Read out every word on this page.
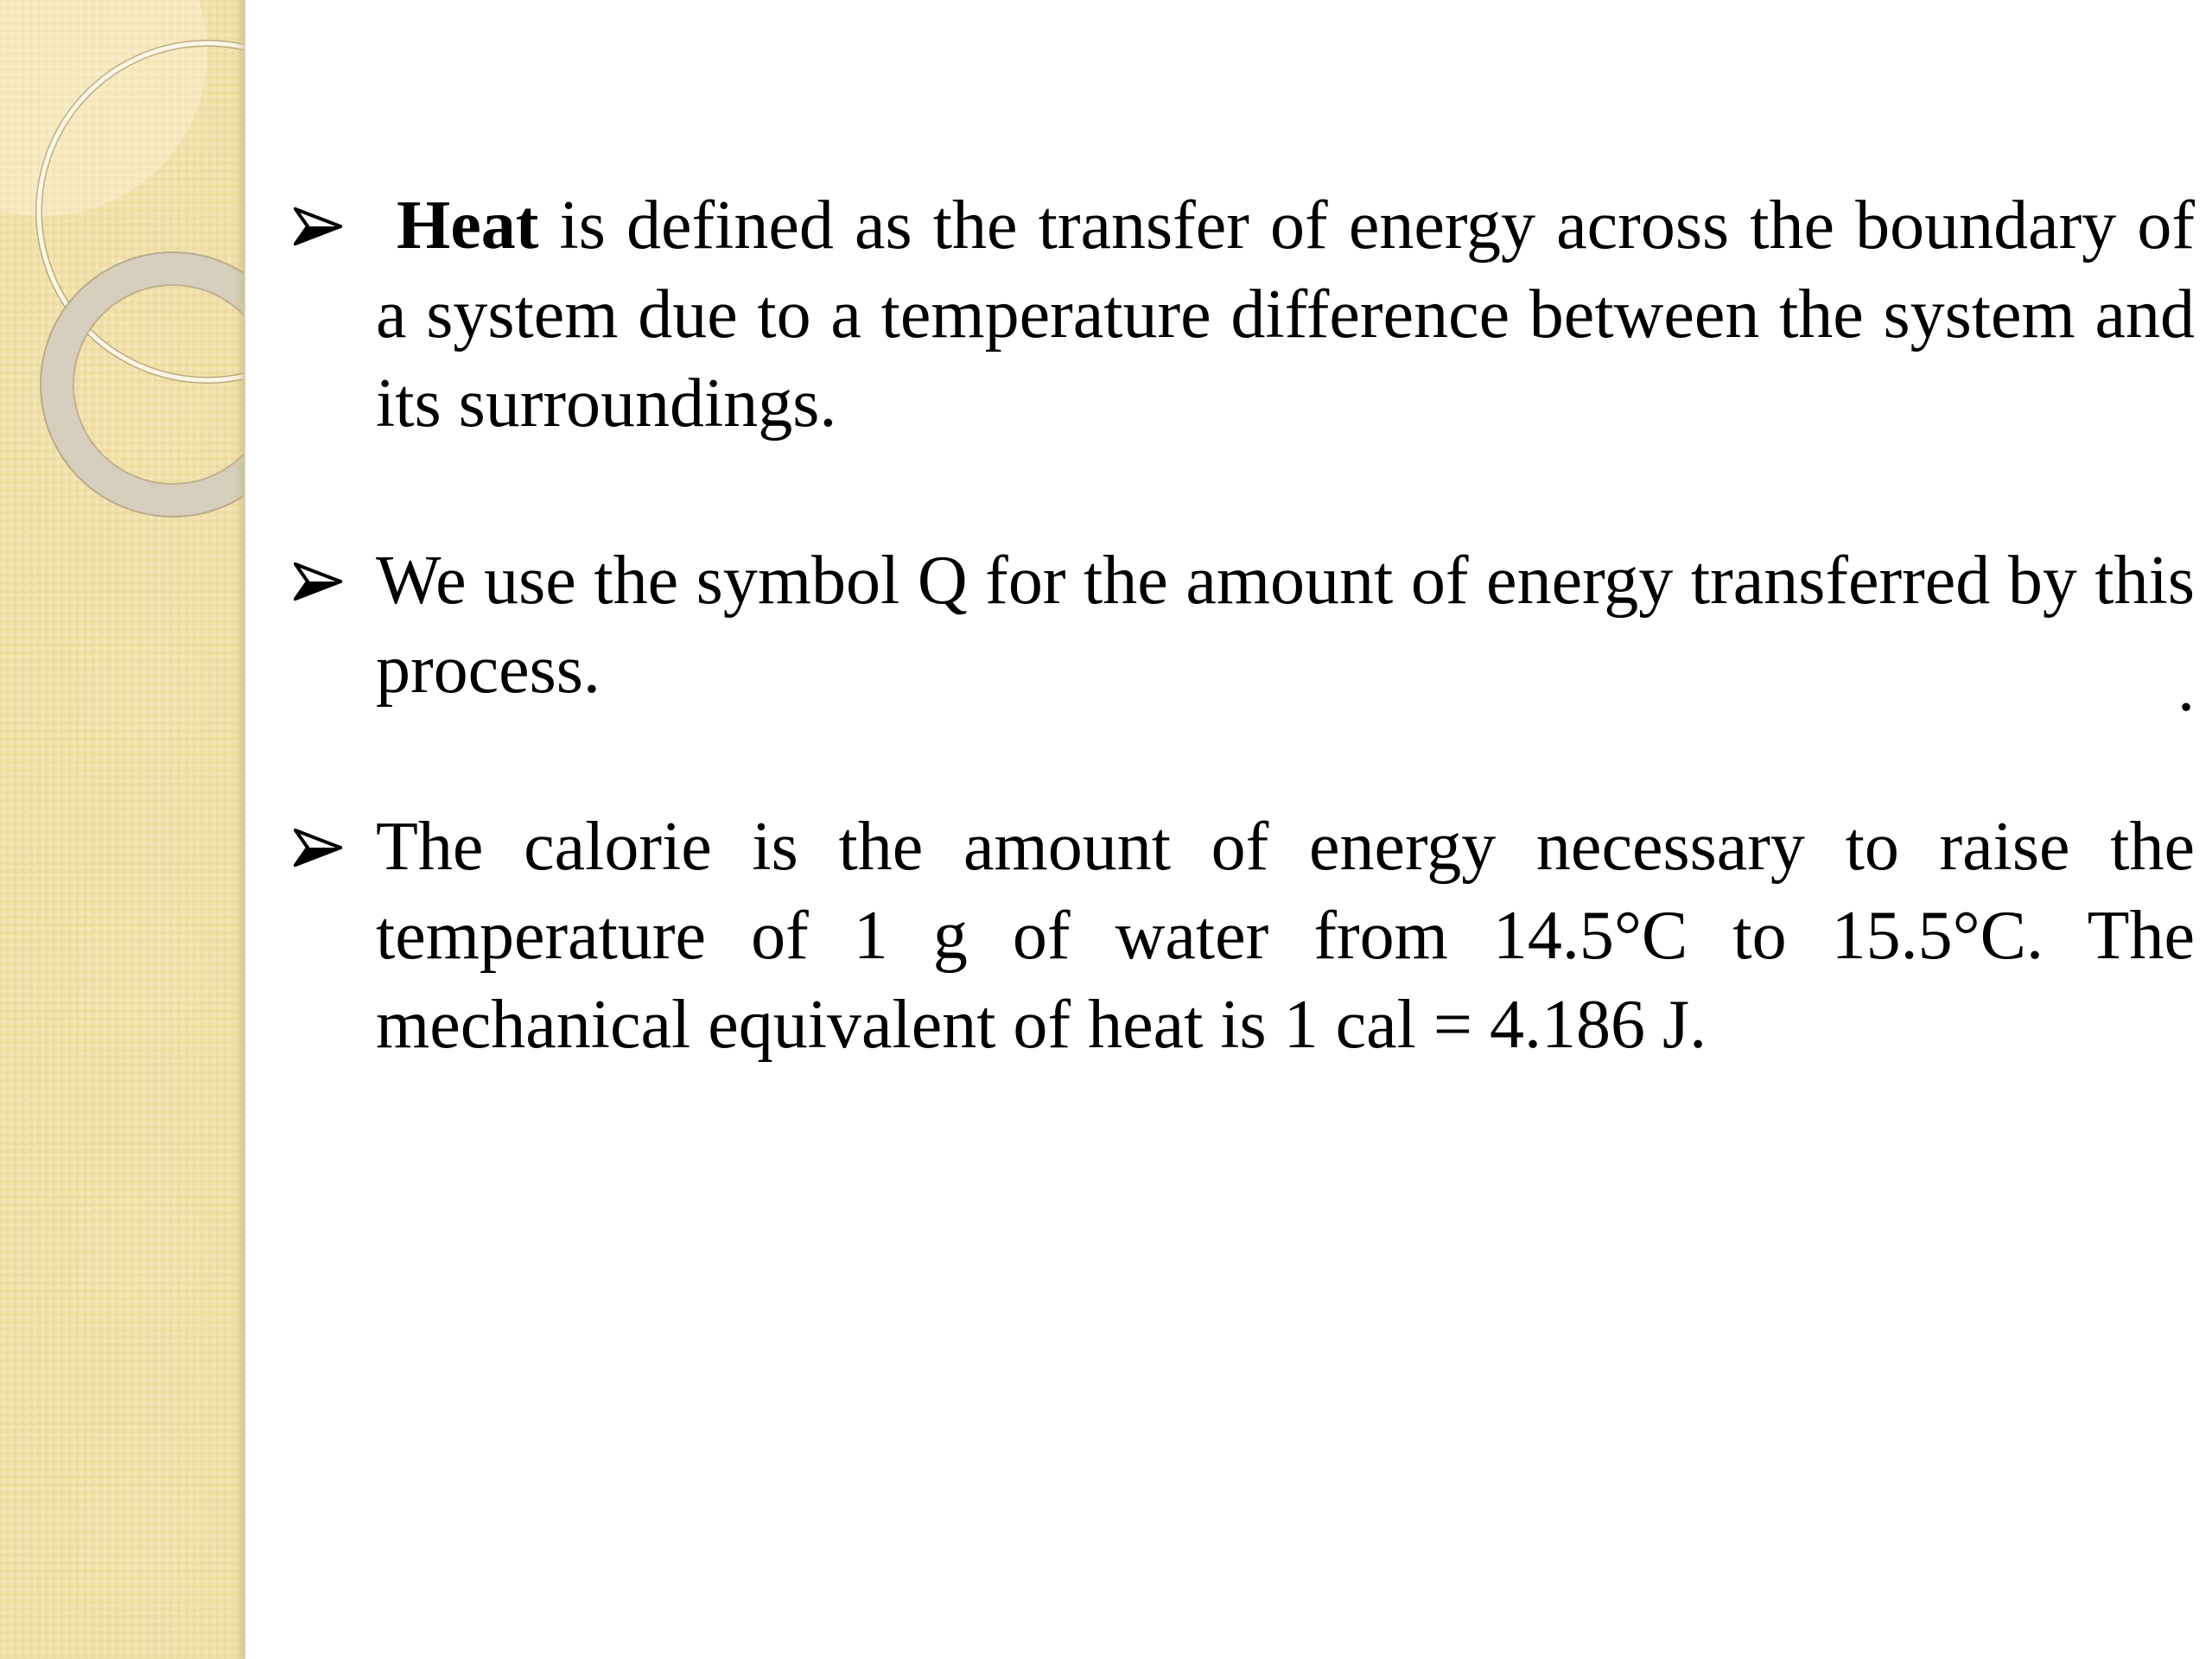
Heat is defined as the transfer of energy across the boundary of a system due to a temperature difference between the system and its surroundings.
We use the symbol Q for the amount of energy transferred by this process.
The calorie is the amount of energy necessary to raise the temperature of 1 g of water from 14.5°C to 15.5°C. The mechanical equivalent of heat is 1 cal = 4.186 J.
.
